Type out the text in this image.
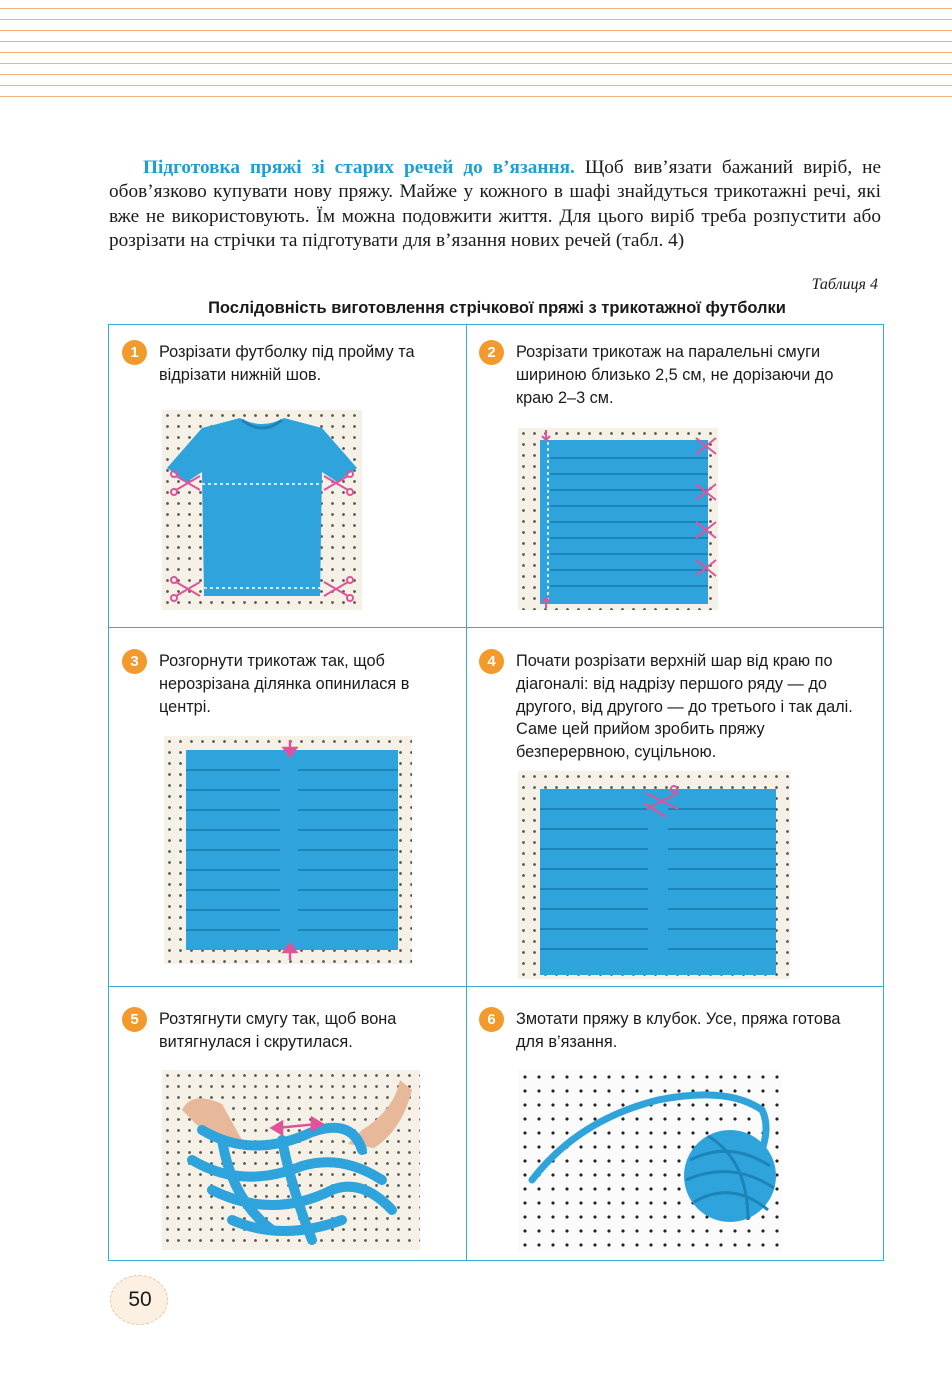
Підготовка пряжі зі старих речей до в’язання. Щоб вив’язати бажаний виріб, не обов’язково купувати нову пряжу. Майже у кожного в шафі знайдуться трикотажні речі, які вже не використовують. Їм можна подовжити життя. Для цього виріб треба розпустити або розрізати на стрічки та підготувати для в’язання нових речей (табл. 4)

Таблиця 4
Послідовність виготовлення стрічкової пряжі з трикотажної футболки
1	Розрізати футболку під пройму та відрізати нижній шов.

2	Розрізати трикотаж на паралельні смуги шириною близько 2,5 см, не дорізаючи до краю 2–3 см.

3	Розгорнути трикотаж так, щоб нерозрізана ділянка опинилася в центрі.

4	Почати розрізати верхній шар від краю по діагоналі: від надрізу першого ряду — до другого, від другого — до третього і так далі. Саме цей прийом зробить пряжу безперервною, суцільною.

5	Розтягнути смугу так, щоб вона витягнулася і скрутилася.

6	Змотати пряжу в клубок. Усе, пряжа готова для в’язання.

50
